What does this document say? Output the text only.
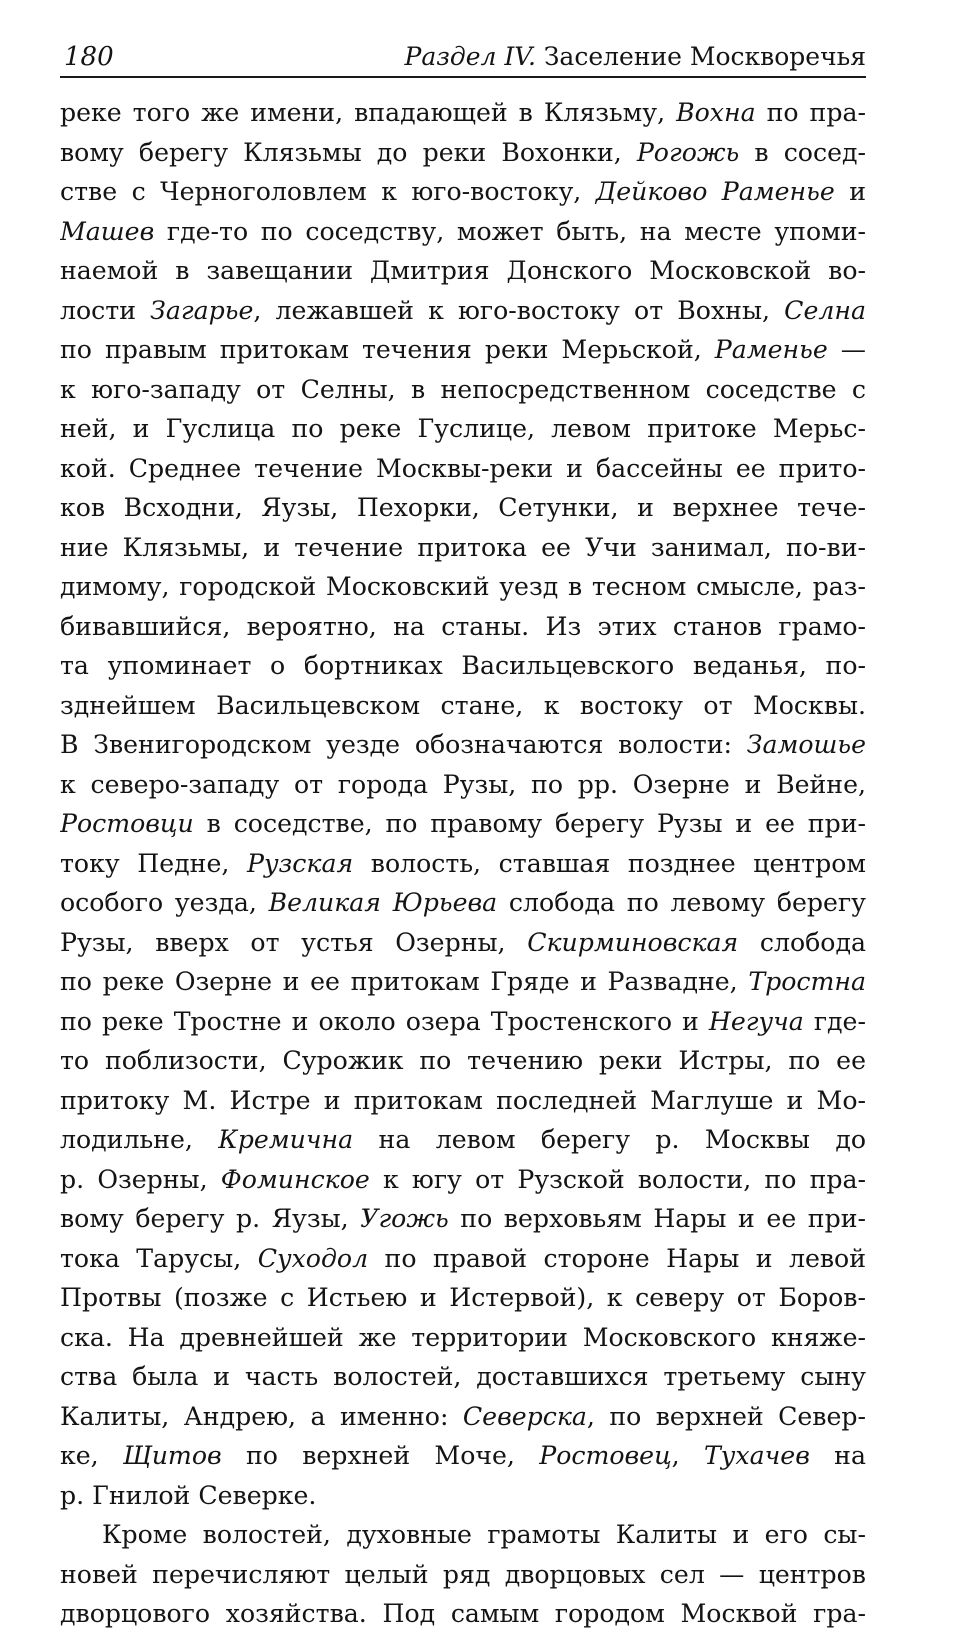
180	Раздел IV. Заселение Москворечья
реке того же имени, впадающей в Клязьму, Вохна по пра-
вому берегу Клязьмы до реки Вохонки, Рогожь в сосед-
стве с Черноголовлем к юго-востоку, Дейково Раменье и
Машев где-то по соседству, может быть, на месте упоми-
наемой в завещании Дмитрия Донского Московской во-
лости Загарье, лежавшей к юго-востоку от Вохны, Селна
по правым притокам течения реки Мерьской, Раменье —
к юго-западу от Селны, в непосредственном соседстве с
ней, и Гуслица по реке Гуслице, левом притоке Мерьс-
кой. Среднее течение Москвы-реки и бассейны ее прито-
ков Всходни, Яузы, Пехорки, Сетунки, и верхнее тече-
ние Клязьмы, и течение притока ее Учи занимал, по-ви-
димому, городской Московский уезд в тесном смысле, раз-
бивавшийся, вероятно, на станы. Из этих станов грамо-
та упоминает о бортниках Васильцевского веданья, по-
зднейшем Васильцевском стане, к востоку от Москвы.
В Звенигородском уезде обозначаются волости: Замошье
к северо-западу от города Рузы, по рр. Озерне и Вейне,
Ростовци в соседстве, по правому берегу Рузы и ее при-
току Педне, Рузская волость, ставшая позднее центром
особого уезда, Великая Юрьева слобода по левому берегу
Рузы, вверх от устья Озерны, Скирминовская слобода
по реке Озерне и ее притокам Гряде и Развадне, Тростна
по реке Тростне и около озера Тростенского и Негуча где-
то поблизости, Сурожик по течению реки Истры, по ее
притоку М. Истре и притокам последней Маглуше и Мо-
лодильне, Кремична на левом берегу р. Москвы до
р. Озерны, Фоминское к югу от Рузской волости, по пра-
вому берегу р. Яузы, Угожь по верховьям Нары и ее при-
тока Тарусы, Суходол по правой стороне Нары и левой
Протвы (позже с Истьею и Истервой), к северу от Боров-
ска. На древнейшей же территории Московского княже-
ства была и часть волостей, доставшихся третьему сыну
Калиты, Андрею, а именно: Северска, по верхней Север-
ке, Щитов по верхней Моче, Ростовец, Тухачев на
р. Гнилой Северке.
Кроме волостей, духовные грамоты Калиты и его сы-
новей перечисляют целый ряд дворцовых сел — центров
дворцового хозяйства. Под самым городом Москвой гра-
